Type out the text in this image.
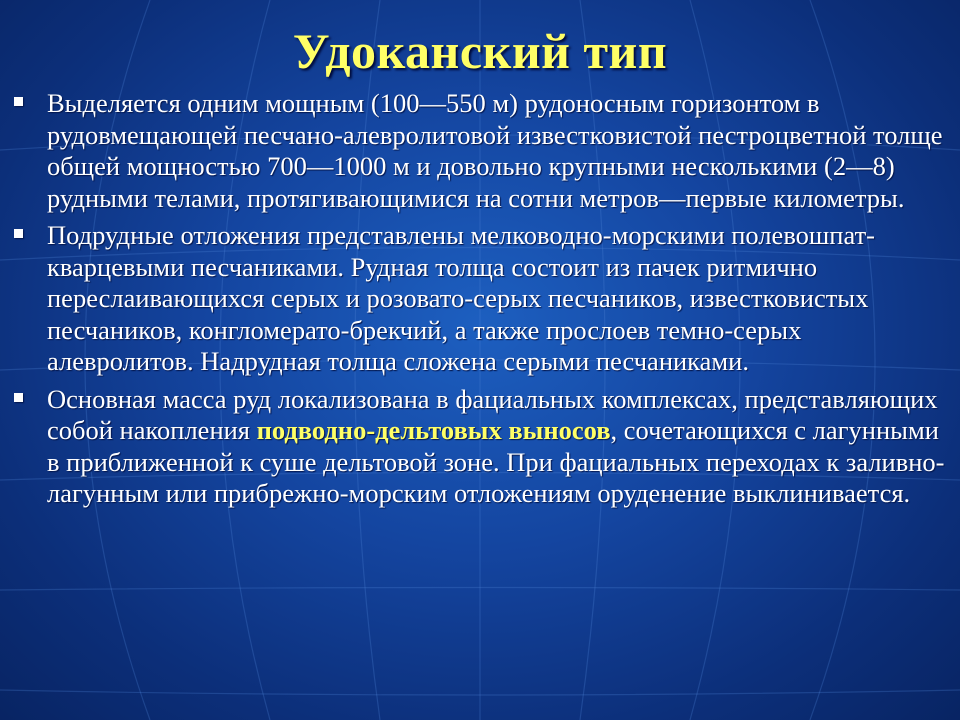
Удоканский тип
Выделяется одним мощным (100—550 м) рудоносным горизонтом в рудовмещающей песчано-алевролитовой известковистой пестроцветной толще общей мощностью 700—1000 м и довольно крупными несколькими (2—8) рудными телами, протягивающимися на сотни метров—первые километры.
Подрудные отложения представлены мелководно-морскими полевошпат-кварцевыми песчаниками. Рудная толща состоит из пачек ритмично переслаивающихся серых и розовато-серых песчаников, известковистых песчаников, конгломерато-брекчий, а также прослоев темно-серых алевролитов. Надрудная толща сложена серыми песчаниками.
Основная масса руд локализована в фациальных комплексах, представляющих собой накопления подводно-дельтовых выносов, сочетающихся с лагунными в приближенной к суше дельтовой зоне. При фациальных переходах к заливно-лагунным или прибрежно-морским отложениям оруденение выклинивается.
